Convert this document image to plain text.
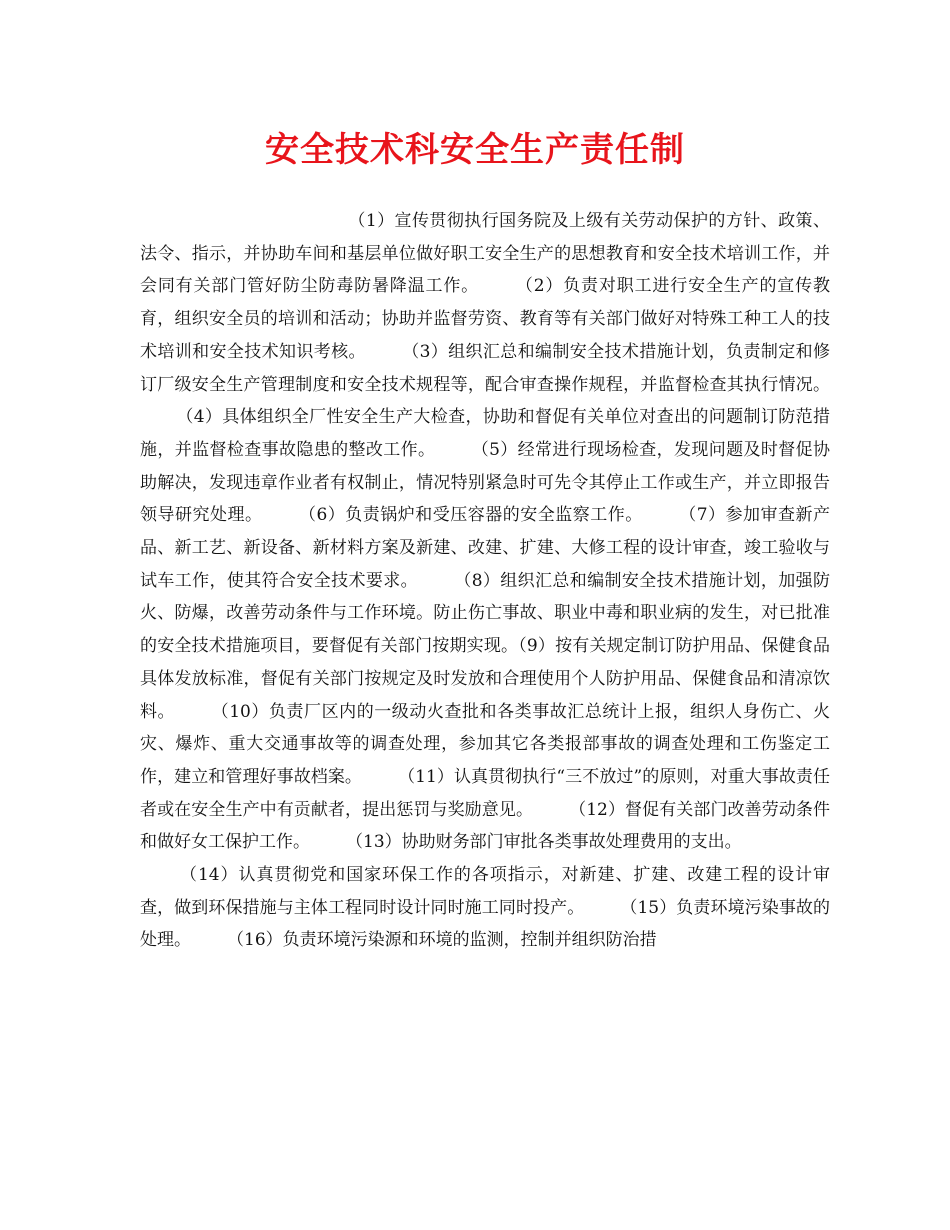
安全技术科安全生产责任制
（1）宣传贯彻执行国务院及上级有关劳动保护的方针、政策、法令、指示，并协助车间和基层单位做好职工安全生产的思想教育和安全技术培训工作，并会同有关部门管好防尘防毒防暑降温工作。 （2）负责对职工进行安全生产的宣传教育，组织安全员的培训和活动；协助并监督劳资、教育等有关部门做好对特殊工种工人的技术培训和安全技术知识考核。 （3）组织汇总和编制安全技术措施计划，负责制定和修订厂级安全生产管理制度和安全技术规程等，配合审查操作规程，并监督检查其执行情况。（4）具体组织全厂性安全生产大检查，协助和督促有关单位对查出的问题制订防范措施，并监督检查事故隐患的整改工作。 （5）经常进行现场检查，发现问题及时督促协助解决，发现违章作业者有权制止，情况特别紧急时可先令其停止工作或生产，并立即报告领导研究处理。 （6）负责锅炉和受压容器的安全监察工作。 （7）参加审查新产品、新工艺、新设备、新材料方案及新建、改建、扩建、大修工程的设计审查，竣工验收与试车工作，使其符合安全技术要求。 （8）组织汇总和编制安全技术措施计划，加强防火、防爆，改善劳动条件与工作环境。防止伤亡事故、职业中毒和职业病的发生，对已批准的安全技术措施项目，要督促有关部门按期实现。（9）按有关规定制订防护用品、保健食品具体发放标准，督促有关部门按规定及时发放和合理使用个人防护用品、保健食品和清凉饮料。 （10）负责厂区内的一级动火查批和各类事故汇总统计上报，组织人身伤亡、火灾、爆炸、重大交通事故等的调查处理，参加其它各类报部事故的调查处理和工伤鉴定工作，建立和管理好事故档案。 （11）认真贯彻执行“三不放过”的原则，对重大事故责任者或在安全生产中有贡献者，提出惩罚与奖励意见。 （12）督促有关部门改善劳动条件和做好女工保护工作。 （13）协助财务部门审批各类事故处理费用的支出。
（14）认真贯彻党和国家环保工作的各项指示，对新建、扩建、改建工程的设计审查，做到环保措施与主体工程同时设计同时施工同时投产。 （15）负责环境污染事故的处理。 （16）负责环境污染源和环境的监测，控制并组织防治措
